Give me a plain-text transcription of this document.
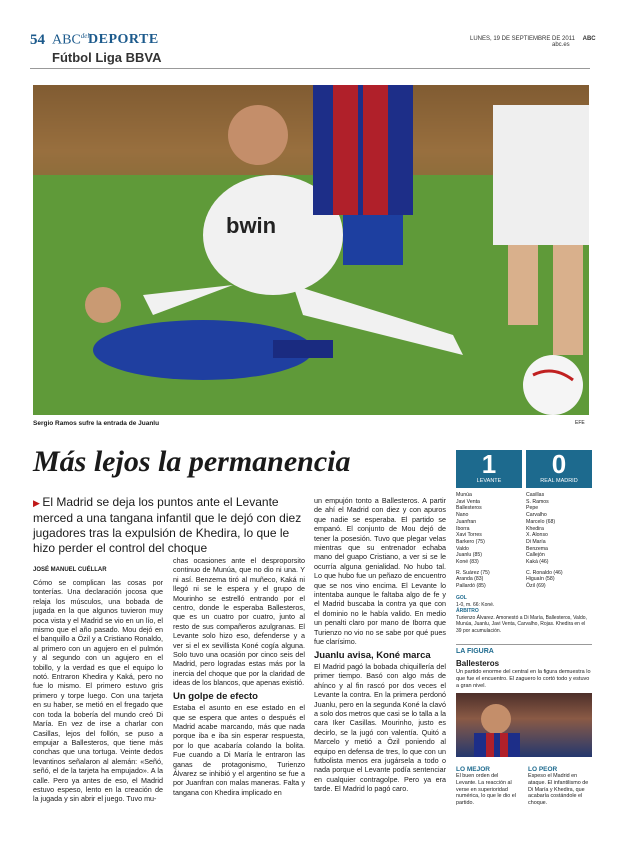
54 $ABC^{del}$
DEPORTE
Fútbol Liga BBVA
LUNES, 19 DE SEPTIEMBRE DE 2011 ABC
abc.es
bwin
Sergio Ramos sufre la entrada de Juanlu	EFE
Más lejos la permanencia
▶ El Madrid se deja los puntos ante el Levante merced a una tangana infantil que le dejó con diez jugadores tras la expulsión de Khedira, lo que le hizo perder el control del choque
JOSÉ MANUEL CUÉLLAR
Cómo se complican las cosas por tonterías. Una declaración jocosa que relaja los músculos, una bobada de jugada en la que algunos tuvieron muy poca vista y el Madrid se vio en un lío, el mismo que el año pasado. Mou dejó en el banquillo a Özil y a Cristiano Ronaldo, al primero con un agujero en el pulmón y al segundo con un agujero en el tobillo, y la verdad es que el equipo lo notó. Entraron Khedira y Kaká, pero no fue lo mismo. El primero estuvo gris primero y torpe luego. Con una tarjeta en su haber, se metió en el fregado que con toda la bobería del mundo creó Di María. En vez de irse a charlar con Casillas, lejos del follón, se puso a empujar a Ballesteros, que tiene más conchas que una tortuga. Veinte dedos levantinos señalaron al alemán: «Señó, señó, el de la tarjeta ha empujado». A la calle. Pero ya antes de eso, el Madrid estuvo espeso, lento en la creación de la jugada y sin abrir el juego. Tuvo mu-
chas ocasiones ante el desproporsito continuo de Munúa, que no dio ni una. Y ni así. Benzema tiró al muñeco, Kaká ni llegó ni se le espera y el grupo de Mourinho se estrelló entrando por el centro, donde le esperaba Ballesteros, que es un cuatro por cuatro, junto al resto de sus compañeros azulgranas. El Levante solo hizo eso, defenderse y a ver si el ex sevillista Koné cogía alguna. Solo tuvo una ocasión por cinco seis del Madrid, pero logradas estas más por la inercia del choque que por la claridad de ideas de los blancos, que apenas existió.
Un golpe de efecto
Estaba el asunto en ese estado en el que se espera que antes o después el Madrid acabe marcando, más que nada porque iba e iba sin esperar respuesta, por lo que acabaría colando la bolita. Fue cuando a Di María le entraron las ganas de protagonismo, Turienzo Álvarez se inhibió y el argentino se fue a por Juanfran con malas maneras. Falta y tangana con Khedira implicado en
un empujón tonto a Ballesteros. A partir de ahí el Madrid con diez y con apuros que nadie se esperaba. El partido se empanó. El conjunto de Mou dejó de tener la posesión. Tuvo que plegar velas mientras que su entrenador echaba mano del guapo Cristiano, a ver si se le ocurría alguna genialidad. No hubo tal. Lo que hubo fue un peñazo de encuentro que se nos vino encima. El Levante lo intentaba aunque le faltaba algo de fe y el Madrid buscaba la contra ya que con el dominio no le había valido. En medio un penalti claro por mano de Iborra que Turienzo no vio no se sabe por qué pues fue clarísimo.
Juanlu avisa, Koné marca
El Madrid pagó la bobada chiquillería del primer tiempo. Basó con algo más de ahínco y al fin rascó por dos veces el Levante la contra. En la primera perdonó Juanlu, pero en la segunda Koné la clavó a solo dos metros que casi se lo talla a la cara Iker Casillas. Mourinho, justo es decirlo, se la jugó con valentía. Quitó a Marcelo y metió a Özil poniendo al equipo en defensa de tres, lo que con un futbolista menos era jugársela a todo o nada porque el Levante podía sentenciar en cualquier contragolpe. Pero ya era tarde. El Madrid lo pagó caro.
1
LEVANTE
0
REAL MADRID
Munúa
Javi Venta
Ballesteros
Nano
Juanfran
Iborra
Xavi Torres
Barkero (75)
Valdo
Juanlu (85)
Koné (83)
R. Suárez (75)
Aranda (83)
Pallardó (85)
Casillas
S. Ramos
Pepe
Carvalho
Marcelo (68)
Khedira
X. Alonso
Di María
Benzema
Callejón
Kaká (46)
C. Ronaldo (46)
Higuaín (58)
Özil (69)
GOL
1-0, m. 66: Koné.
ÁRBITRO
Turienzo Álvarez. Amonestó a Di María, Ballesteros, Valdo, Munúa, Juanlu, Javi Venta, Carvalho, Rojas. Khedira en el 39 por acumulación.
LA FIGURA
Ballesteros
Un partido enorme del central en la figura demuestra lo que fue el encuentro. El zaguero lo cortó todo y estuvo a gran nivel.
LO MEJOR
El buen orden del Levante. La reacción al verse en superioridad numérica, lo que le dio el partido.
LO PEOR
Espeso el Madrid en ataque. El infantilismo de Di María y Khedira, que acabaría costándole el choque.
